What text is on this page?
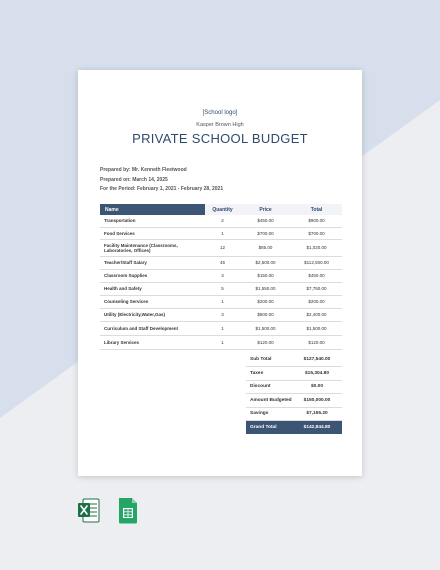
[School logo]
Kasper Brown High
PRIVATE SCHOOL BUDGET
Prepared by: Mr. Kenneth Fleetwood
Prepared on: March 14, 2025
For the Period: February 1, 2021 - February 28, 2021
Name	Quantity	Price	Total
Transportation	2	$450.00	$900.00
Food Services	1	$700.00	$700.00
Facility Maintenance (Classrooms, Laboratories, Offices)	12	$85.00	$1,020.00
Teacher/Staff Salary	45	$2,500.00	$112,500.00
Classroom Supplies	3	$150.00	$450.00
Health and Safety	5	$1,550.00	$7,750.00
Counseling Services	1	$200.00	$200.00
Utility (Electricity,Water,Gas)	3	$800.00	$2,400.00
Curriculum and Staff Development	1	$1,500.00	$1,500.00
Library Services	1	$120.00	$120.00
Sub Total	$127,540.00
Taxes	$15,304.80
Discount	$0.00
Amount Budgeted	$150,000.00
Savings	$7,155.20
Grand Total	$142,844.80
